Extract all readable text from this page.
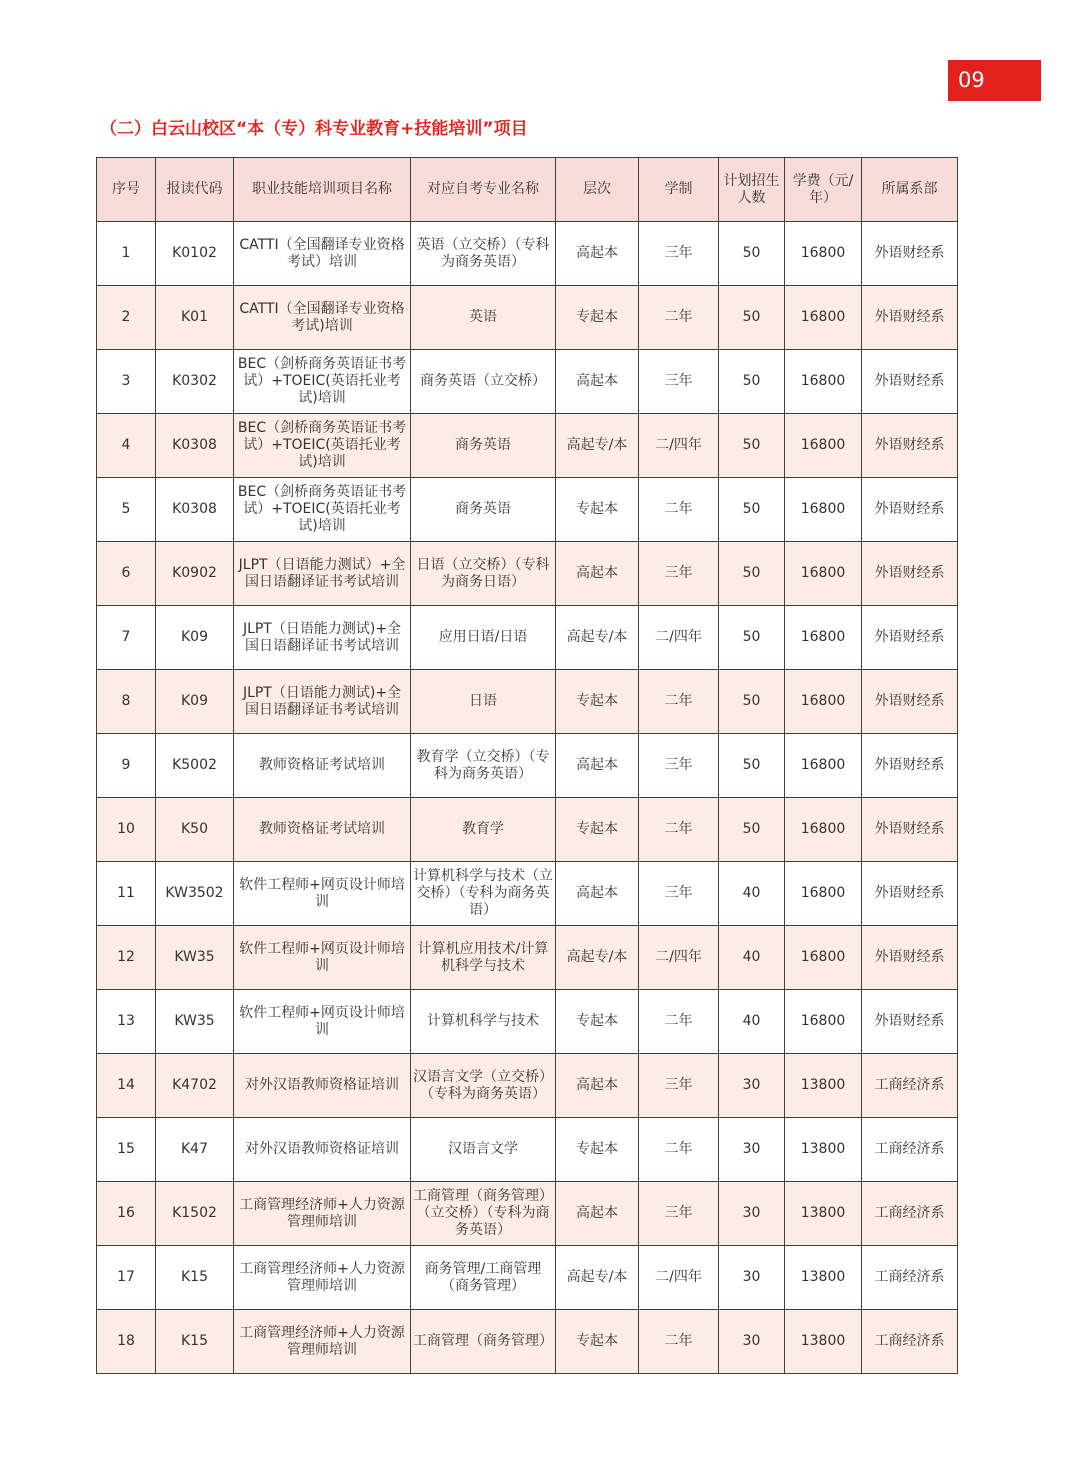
09
（二）白云山校区“本（专）科专业教育+技能培训”项目
序号	报读代码	职业技能培训项目名称	对应自考专业名称	层次	学制	计划招生人数	学费（元/年）	所属系部
1	K0102	CATTI（全国翻译专业资格考试）培训	英语（立交桥）（专科为商务英语）	高起本	三年	50	16800	外语财经系
2	K01	CATTI（全国翻译专业资格考试)培训	英语	专起本	二年	50	16800	外语财经系
3	K0302	BEC（剑桥商务英语证书考试）+TOEIC(英语托业考试)培训	商务英语（立交桥）	高起本	三年	50	16800	外语财经系
4	K0308	BEC（剑桥商务英语证书考试）+TOEIC(英语托业考试)培训	商务英语	高起专/本	二/四年	50	16800	外语财经系
5	K0308	BEC（剑桥商务英语证书考试）+TOEIC(英语托业考试)培训	商务英语	专起本	二年	50	16800	外语财经系
6	K0902	JLPT（日语能力测试）+全国日语翻译证书考试培训	日语（立交桥）（专科为商务日语）	高起本	三年	50	16800	外语财经系
7	K09	JLPT（日语能力测试)+全国日语翻译证书考试培训	应用日语/日语	高起专/本	二/四年	50	16800	外语财经系
8	K09	JLPT（日语能力测试)+全国日语翻译证书考试培训	日语	专起本	二年	50	16800	外语财经系
9	K5002	教师资格证考试培训	教育学（立交桥）（专科为商务英语）	高起本	三年	50	16800	外语财经系
10	K50	教师资格证考试培训	教育学	专起本	二年	50	16800	外语财经系
11	KW3502	软件工程师+网页设计师培训	计算机科学与技术（立交桥）（专科为商务英语）	高起本	三年	40	16800	外语财经系
12	KW35	软件工程师+网页设计师培训	计算机应用技术/计算机科学与技术	高起专/本	二/四年	40	16800	外语财经系
13	KW35	软件工程师+网页设计师培训	计算机科学与技术	专起本	二年	40	16800	外语财经系
14	K4702	对外汉语教师资格证培训	汉语言文学（立交桥）（专科为商务英语）	高起本	三年	30	13800	工商经济系
15	K47	对外汉语教师资格证培训	汉语言文学	专起本	二年	30	13800	工商经济系
16	K1502	工商管理经济师+人力资源管理师培训	工商管理（商务管理）（立交桥）（专科为商务英语）	高起本	三年	30	13800	工商经济系
17	K15	工商管理经济师+人力资源管理师培训	商务管理/工商管理（商务管理）	高起专/本	二/四年	30	13800	工商经济系
18	K15	工商管理经济师+人力资源管理师培训	工商管理（商务管理）	专起本	二年	30	13800	工商经济系
